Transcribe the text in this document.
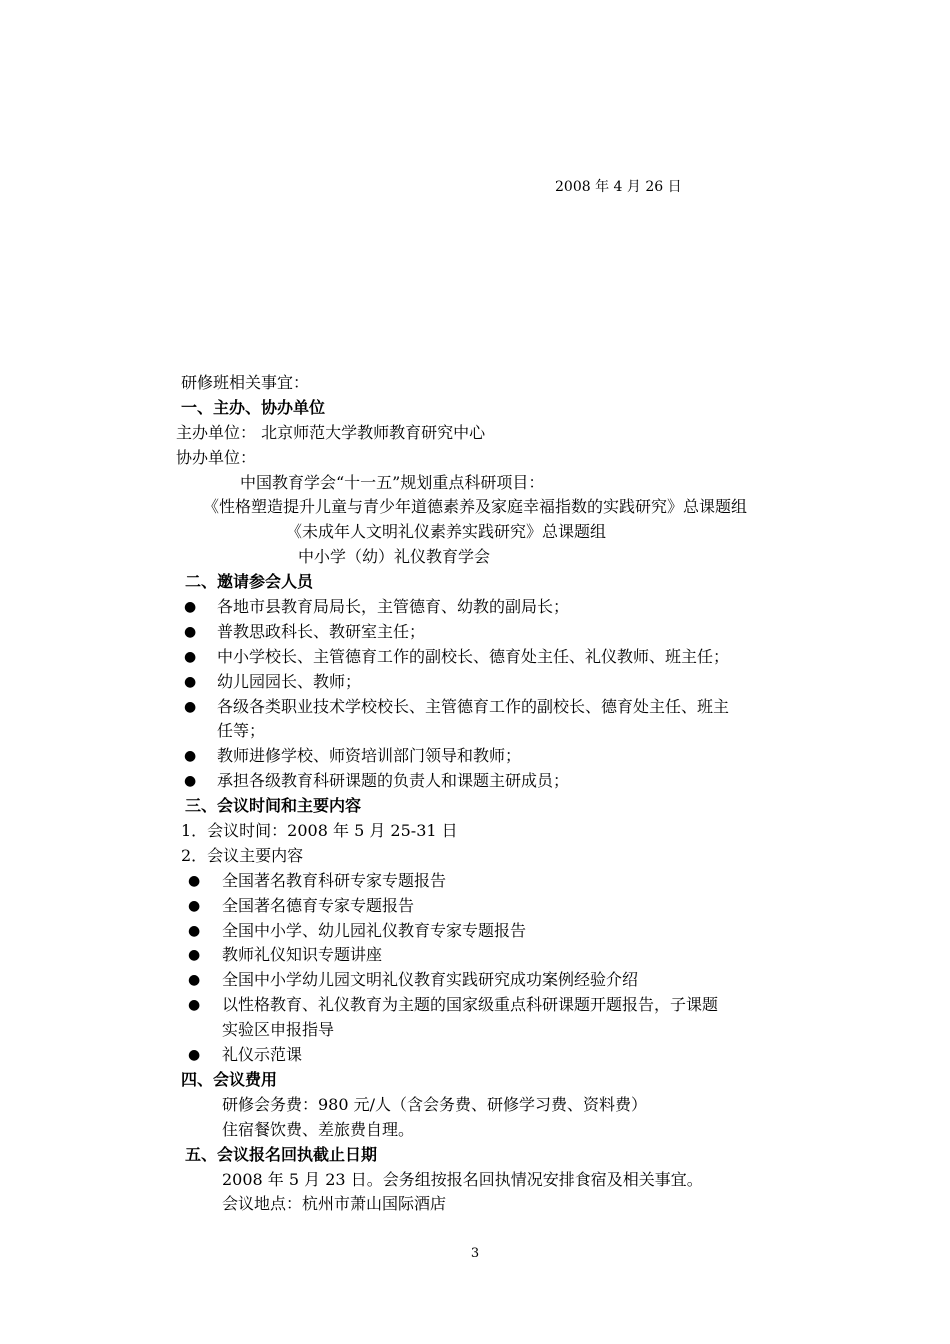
2008 年 4 月 26 日
研修班相关事宜：
一、主办、协办单位
主办单位： 北京师范大学教师教育研究中心
协办单位：
中国教育学会“十一五”规划重点科研项目：
《性格塑造提升儿童与青少年道德素养及家庭幸福指数的实践研究》总课题组
《未成年人文明礼仪素养实践研究》总课题组
中小学（幼）礼仪教育学会
二、邀请参会人员
● 各地市县教育局局长，主管德育、幼教的副局长；
● 普教思政科长、教研室主任；
● 中小学校长、主管德育工作的副校长、德育处主任、礼仪教师、班主任；
● 幼儿园园长、教师；
● 各级各类职业技术学校校长、主管德育工作的副校长、德育处主任、班主
任等；
● 教师进修学校、师资培训部门领导和教师；
● 承担各级教育科研课题的负责人和课题主研成员；
三、会议时间和主要内容
1．会议时间：2008 年 5 月 25-31 日
2．会议主要内容
● 全国著名教育科研专家专题报告
● 全国著名德育专家专题报告
● 全国中小学、幼儿园礼仪教育专家专题报告
● 教师礼仪知识专题讲座
● 全国中小学幼儿园文明礼仪教育实践研究成功案例经验介绍
● 以性格教育、礼仪教育为主题的国家级重点科研课题开题报告，子课题
实验区申报指导
● 礼仪示范课
四、会议费用
研修会务费：980 元/人（含会务费、研修学习费、资料费）
住宿餐饮费、差旅费自理。
五、会议报名回执截止日期
2008 年 5 月 23 日。会务组按报名回执情况安排食宿及相关事宜。
会议地点：杭州市萧山国际酒店
3
